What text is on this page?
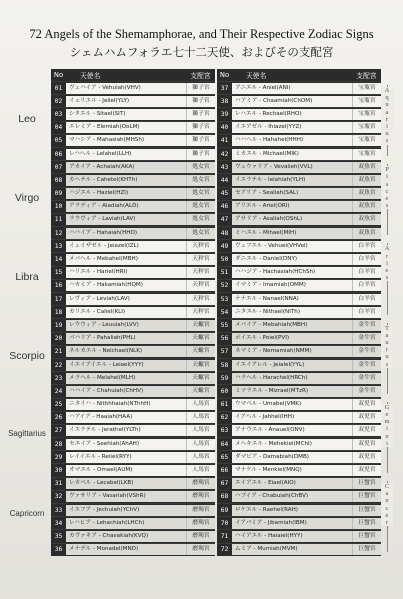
72 Angels of the Shemamphorae, and Their Respective Zodiac Signs
シェムハムフォラエ七十二天使、およびその支配宮
No	天使名	支配宮
01	ヴェハイア - Vehuiah(VHV)	獅子宮
02	イェリエル - Jeliel(YLY)	獅子宮
03	シタエル - Sitael(SIT)	獅子宮
04	エレミア - Elemiah(OoLM)	獅子宮
05	マハシア - Mahasiah(MHSh)	獅子宮
06	レハヘル - Lelahel(LLH)	獅子宮
07	アカイア - Achaiah(AKA)	処女宮
08	カヘテル - Cahetel(KHTh)	処女宮
09	ハジエル - Haziel(HZI)	処女宮
10	アラディア - Aladiah(ALD)	処女宮
11	ラウヴィア - Laviah(LAV)	処女宮
12	ハハイア - Hahaiah(HHO)	処女宮
13	イェイザゼル - Jeiazel(IZL)	天秤宮
14	メバヘル - Mebahel(MBH)	天秤宮
15	ハリエル - Hariel(HRI)	天秤宮
16	ハカミア - Hakamiah(HQM)	天秤宮
17	レヴィア - Leviah(LAV)	天秤宮
18	カリエル - Caliel(KLI)	天秤宮
19	レウウィア - Leuuiah(LVV)	天蠍宮
20	パハリア - Pahaliah(PHL)	天蠍宮
21	ネルカエル - Nelchael(NLK)	天蠍宮
22	イエイアイエル - Leiael(YYY)	天蠍宮
23	メラヘル - Melahel(MLH)	天蠍宮
24	ハハイア - Chahuiah(ChHV)	天蠍宮
25	ニタイハ - Nithhhaiah(NThhH)	人馬宮
26	ハアイア - Haaiah(HAA)	人馬宮
27	イエラテル - Jerathel(YLTh)	人馬宮
28	セエイア - Seehiah(AhAH)	人馬宮
29	レイイエル - Reiiel(RYY)	人馬宮
30	オマエル - Omael(AUM)	人馬宮
31	レカベル - Lecabel(LKB)	磨羯宮
32	ヴァサリア - Vasariah(VShR)	磨羯宮
33	イエフア - Jechuiah(YChV)	磨羯宮
34	レハヒア - Lehachiah(LHCh)	磨羯宮
35	カヴァキア - Chavakiah(KVQ)	磨羯宮
36	メナデル - Monadel(MND)	磨羯宮
No	天使名	支配宮
37	アニエル - Aniel(ANI)	宝瓶宮
38	ハアミア - Chaamiah(ChOM)	宝瓶宮
39	レハエル - Rechael(RHO)	宝瓶宮
40	イエアゼル - Ihiazel(YYZ)	宝瓶宮
41	ハハヘル - Hahahel(HHH)	宝瓶宮
42	ミカエル - Michael(MIK)	宝瓶宮
43	ヴェウァリア - Vevalieh(VVL)	双魚宮
44	イエラテル - Ielahiah(YLH)	双魚宮
45	セアリア - Sealiah(SAL)	双魚宮
46	アリエル - Ariel(ORI)	双魚宮
47	アサリア - Asaliah(OShL)	双魚宮
48	ミハエル - Mihael(MIH)	双魚宮
49	ヴェフエル - Vehuel(VHVel)	白羊宮
50	ダニエル - Daniel(DNY)	白羊宮
51	ハハジア - Hachasiah(HChSh)	白羊宮
52	イマミア - Imamiah(OMM)	白羊宮
53	ナナエル - Nanael(NNA)	白羊宮
54	ニタエル - Nithael(NITh)	白羊宮
55	メバイア - Mebahiah(MBH)	金牛宮
56	ポイエル - Poiel(PVI)	金牛宮
57	ネマミア - Nemamiah(NMM)	金牛宮
58	イエイアレル - Jeialel(YYL)	金牛宮
59	ハラヘル - Harachel(HRCh)	金牛宮
60	ミツラエル - Mizrael(MTzR)	金牛宮
61	ウマベル - Umabel(VMK)	双児宮
62	イアヘル - Jahhel(IHH)	双児宮
63	アナウエル - Anauel(ONV)	双児宮
64	メヘキエル - Mehekiel(MChI)	双児宮
65	ダマビア - Damabiah(DMB)	双児宮
66	マナケル - Menkiel(MNQ)	双児宮
67	エイアエル - Eiael(AIO)	巨蟹宮
68	ハブイア - Chabuiah(ChBV)	巨蟹宮
69	ロケエル - Raehel(RAH)	巨蟹宮
70	イアバミア - Jibamiah(IBM)	巨蟹宮
71	ハイアエル - Haiaiel(HYY)	巨蟹宮
72	ムミア - Mumiah(MVM)	巨蟹宮
Leo
Virgo
Libra
Scorpio
Sagittarius
Capricorn
A
q
u
a
r
i
u
s
P
i
s
c
e
s
A
r
i
e
s
T
a
u
r
u
s
G
e
m
i
n
i
C
a
n
c
e
r
